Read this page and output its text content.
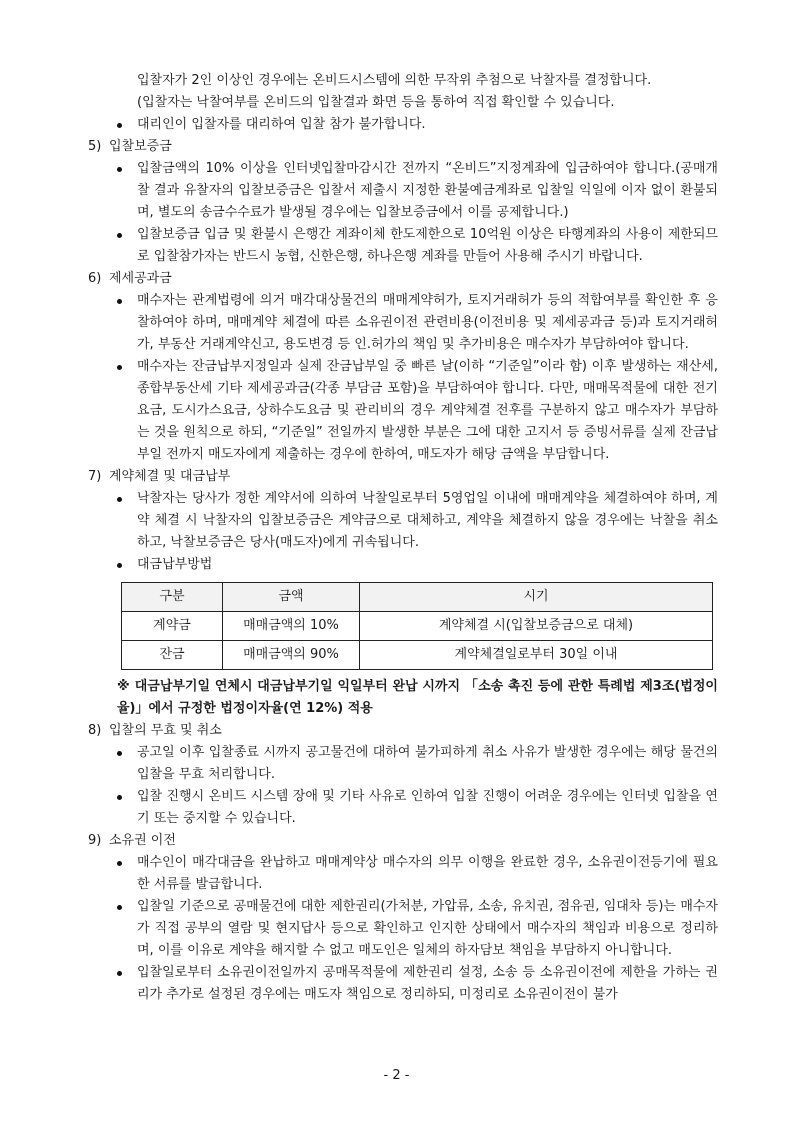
입찰자가 2인 이상인 경우에는 온비드시스템에 의한 무작위 추첨으로 낙찰자를 결정합니다.

(입찰자는 낙찰여부를 온비드의 입찰결과 화면 등을 통하여 직접 확인할 수 있습니다.

대리인이 입찰자를 대리하여 입찰 참가 불가합니다.

5) 입찰보증금

입찰금액의 10% 이상을 인터넷입찰마감시간 전까지 “온비드”지정계좌에 입금하여야 합니다.(공매개찰 결과 유찰자의 입찰보증금은 입찰서 제출시 지정한 환불예금계좌로 입찰일 익일에 이자 없이 환불되며, 별도의 송금수수료가 발생될 경우에는 입찰보증금에서 이를 공제합니다.)

입찰보증금 입금 및 환불시 은행간 계좌이체 한도제한으로 10억원 이상은 타행계좌의 사용이 제한되므로 입찰참가자는 반드시 농협, 신한은행, 하나은행 계좌를 만들어 사용해 주시기 바랍니다.

6) 제세공과금

매수자는 관계법령에 의거 매각대상물건의 매매계약허가, 토지거래허가 등의 적합여부를 확인한 후 응찰하여야 하며, 매매계약 체결에 따른 소유권이전 관련비용(이전비용 및 제세공과금 등)과 토지거래허가, 부동산 거래계약신고, 용도변경 등 인.허가의 책임 및 추가비용은 매수자가 부담하여야 합니다.

매수자는 잔금납부지정일과 실제 잔금납부일 중 빠른 날(이하 “기준일”이라 함) 이후 발생하는 재산세, 종합부동산세 기타 제세공과금(각종 부담금 포함)을 부담하여야 합니다. 다만, 매매목적물에 대한 전기요금, 도시가스요금, 상하수도요금 및 관리비의 경우 계약체결 전후를 구분하지 않고 매수자가 부담하는 것을 원칙으로 하되, “기준일” 전일까지 발생한 부분은 그에 대한 고지서 등 증빙서류를 실제 잔금납부일 전까지 매도자에게 제출하는 경우에 한하여, 매도자가 해당 금액을 부담합니다.

7) 계약체결 및 대금납부

낙찰자는 당사가 정한 계약서에 의하여 낙찰일로부터 5영업일 이내에 매매계약을 체결하여야 하며, 계약 체결 시 낙찰자의 입찰보증금은 계약금으로 대체하고, 계약을 체결하지 않을 경우에는 낙찰을 취소하고, 낙찰보증금은 당사(매도자)에게 귀속됩니다.

대금납부방법

구분	금액	시기
계약금	매매금액의 10%	계약체결 시(입찰보증금으로 대체)
잔금	매매금액의 90%	계약체결일로부터 30일 이내

※ 대금납부기일 연체시 대금납부기일 익일부터 완납 시까지 「소송 촉진 등에 관한 특례법 제3조(법정이율)」에서 규정한 법정이자율(연 12%) 적용

8) 입찰의 무효 및 취소

공고일 이후 입찰종료 시까지 공고물건에 대하여 불가피하게 취소 사유가 발생한 경우에는 해당 물건의 입찰을 무효 처리합니다.

입찰 진행시 온비드 시스템 장애 및 기타 사유로 인하여 입찰 진행이 어려운 경우에는 인터넷 입찰을 연기 또는 중지할 수 있습니다.

9) 소유권 이전

매수인이 매각대금을 완납하고 매매계약상 매수자의 의무 이행을 완료한 경우, 소유권이전등기에 필요한 서류를 발급합니다.

입찰일 기준으로 공매물건에 대한 제한권리(가처분, 가압류, 소송, 유치권, 점유권, 임대차 등)는 매수자가 직접 공부의 열람 및 현지답사 등으로 확인하고 인지한 상태에서 매수자의 책임과 비용으로 정리하며, 이를 이유로 계약을 해지할 수 없고 매도인은 일체의 하자담보 책임을 부담하지 아니합니다.

입찰일로부터 소유권이전일까지 공매목적물에 제한권리 설정, 소송 등 소유권이전에 제한을 가하는 권리가 추가로 설정된 경우에는 매도자 책임으로 정리하되, 미정리로 소유권이전이 불가

- 2 -
